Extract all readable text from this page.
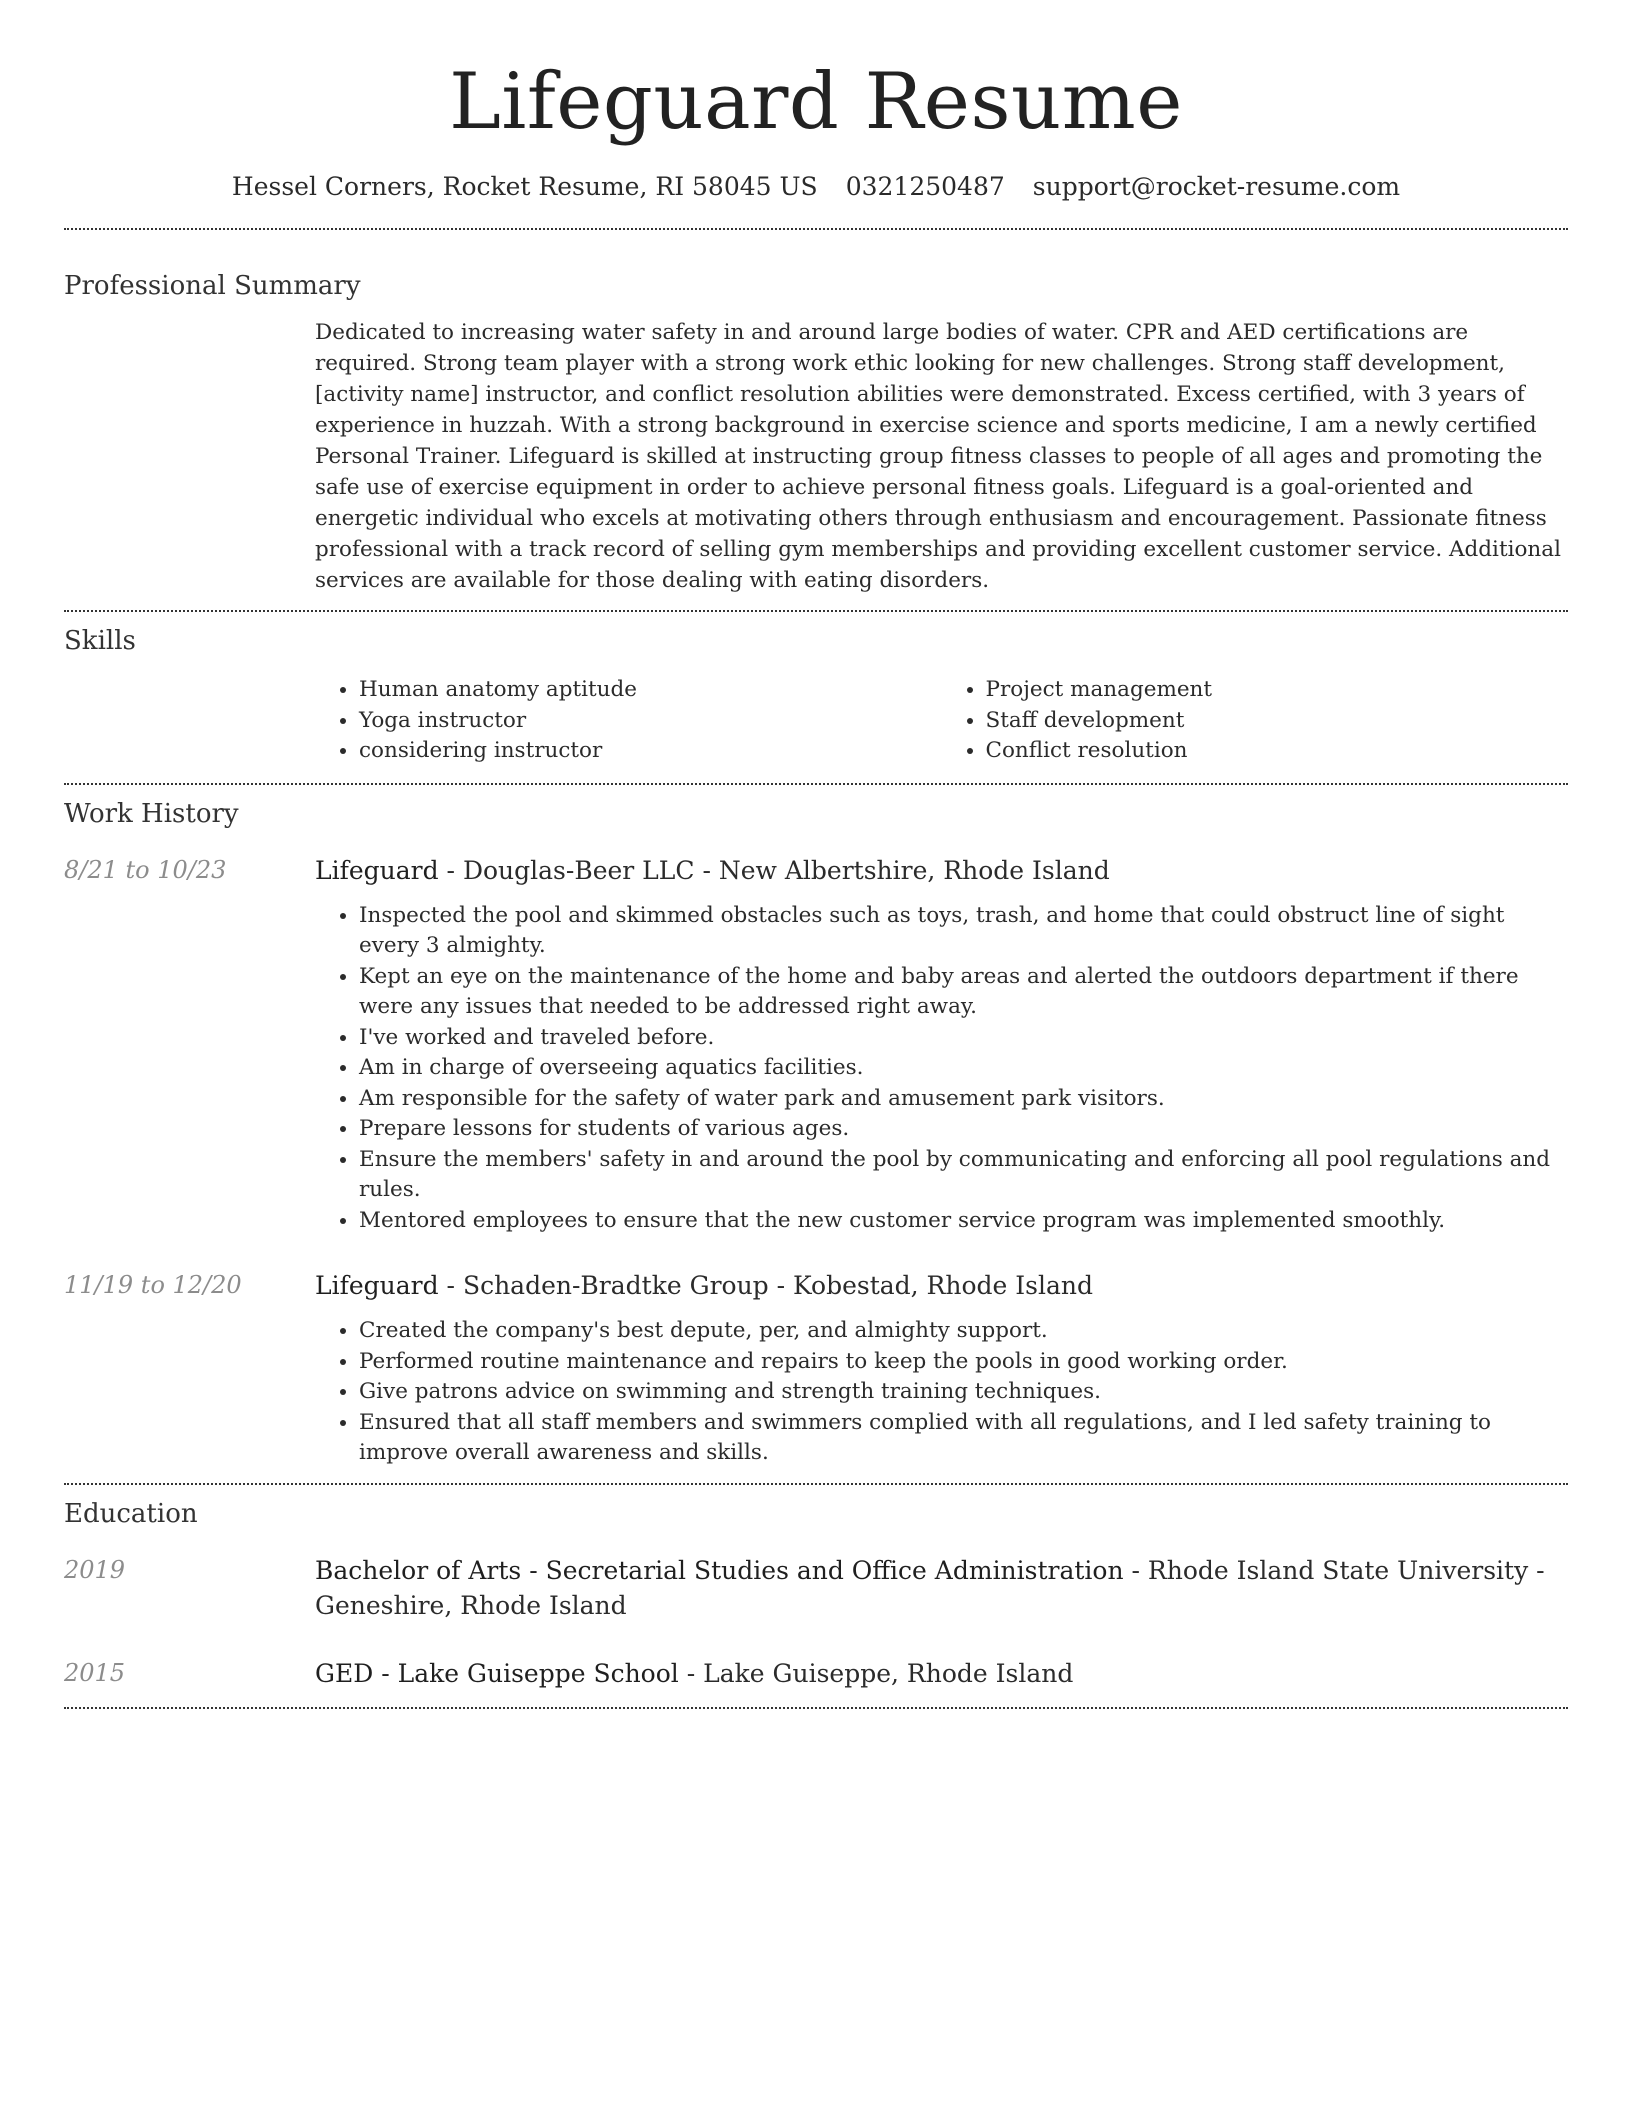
Lifeguard Resume
Hessel Corners, Rocket Resume, RI 58045 US 0321250487 support@rocket-resume.com
Professional Summary

Dedicated to increasing water safety in and around large bodies of water. CPR and AED certifications are required. Strong team player with a strong work ethic looking for new challenges. Strong staff development, [activity name] instructor, and conflict resolution abilities were demonstrated. Excess certified, with 3 years of experience in huzzah. With a strong background in exercise science and sports medicine, I am a newly certified Personal Trainer. Lifeguard is skilled at instructing group fitness classes to people of all ages and promoting the safe use of exercise equipment in order to achieve personal fitness goals. Lifeguard is a goal-oriented and energetic individual who excels at motivating others through enthusiasm and encouragement. Passionate fitness professional with a track record of selling gym memberships and providing excellent customer service. Additional services are available for those dealing with eating disorders.

Skills
• Human anatomy aptitude
• Yoga instructor
• considering instructor
• Project management
• Staff development
• Conflict resolution
Work History
8/21 to 10/23	Lifeguard - Douglas-Beer LLC - New Albertshire, Rhode Island
• Inspected the pool and skimmed obstacles such as toys, trash, and home that could obstruct line of sight every 3 almighty.
• Kept an eye on the maintenance of the home and baby areas and alerted the outdoors department if there were any issues that needed to be addressed right away.
• I've worked and traveled before.
• Am in charge of overseeing aquatics facilities.
• Am responsible for the safety of water park and amusement park visitors.
• Prepare lessons for students of various ages.
• Ensure the members' safety in and around the pool by communicating and enforcing all pool regulations and rules.
• Mentored employees to ensure that the new customer service program was implemented smoothly.
11/19 to 12/20	Lifeguard - Schaden-Bradtke Group - Kobestad, Rhode Island
• Created the company's best depute, per, and almighty support.
• Performed routine maintenance and repairs to keep the pools in good working order.
• Give patrons advice on swimming and strength training techniques.
• Ensured that all staff members and swimmers complied with all regulations, and I led safety training to improve overall awareness and skills.
Education
2019	Bachelor of Arts - Secretarial Studies and Office Administration - Rhode Island State University - Geneshire, Rhode Island
2015	GED - Lake Guiseppe School - Lake Guiseppe, Rhode Island
